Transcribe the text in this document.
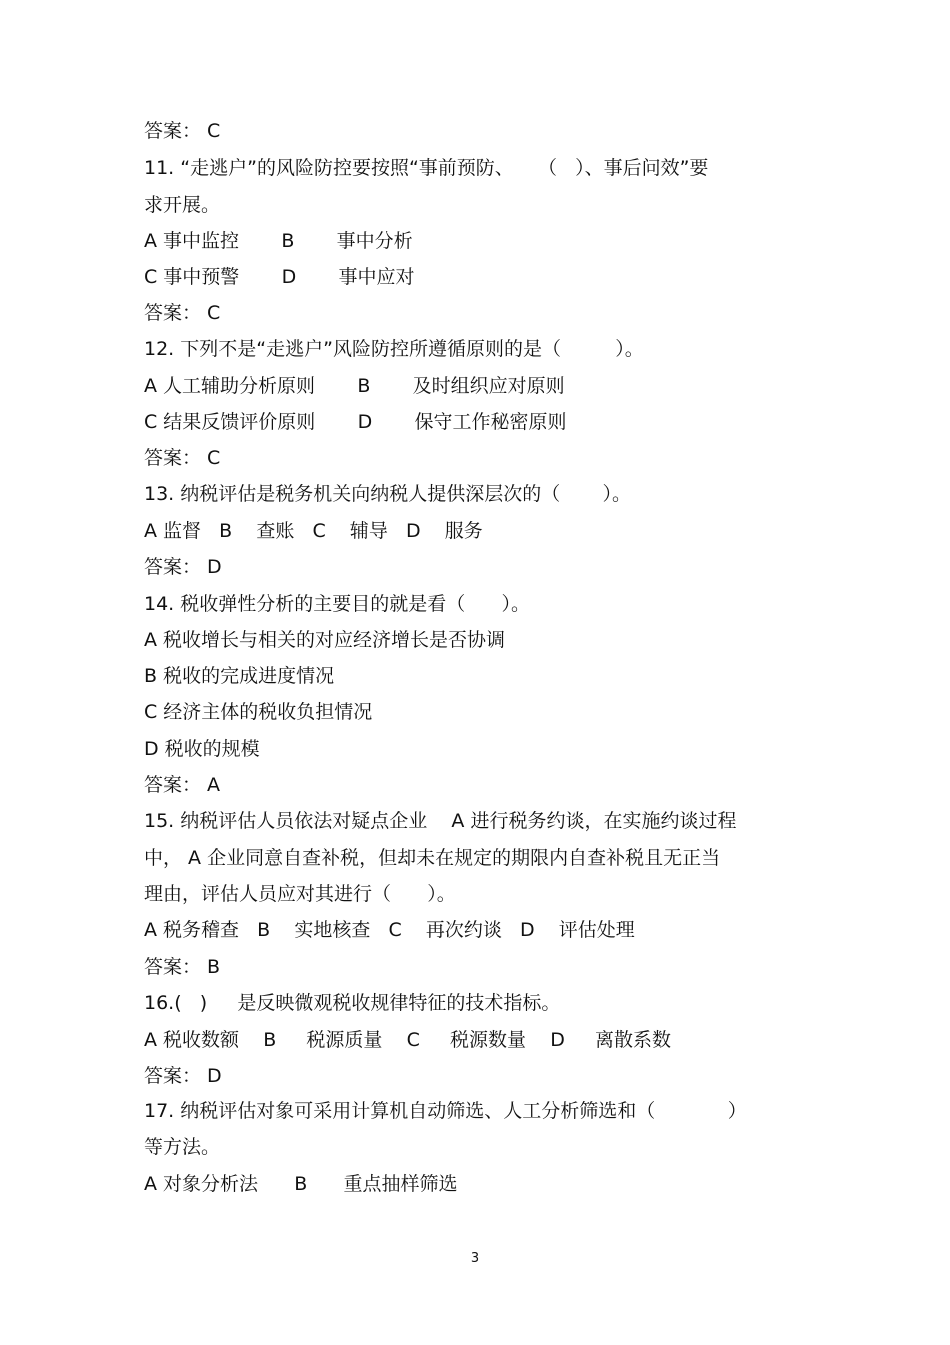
答案： C
11. “走逃户”的风险防控要按照“事前预防、    （   ）、事后问效”要
求开展。
A 事中监控       B       事中分析
C 事中预警       D       事中应对
答案： C
12. 下列不是“走逃户”风险防控所遵循原则的是（         ）。
A 人工辅助分析原则       B       及时组织应对原则
C 结果反馈评价原则       D       保守工作秘密原则
答案： C
13. 纳税评估是税务机关向纳税人提供深层次的（       ）。
A 监督   B    查账   C    辅导   D    服务
答案： D
14. 税收弹性分析的主要目的就是看（      ）。
A 税收增长与相关的对应经济增长是否协调
B 税收的完成进度情况
C 经济主体的税收负担情况
D 税收的规模
答案： A
15. 纳税评估人员依法对疑点企业    A 进行税务约谈，在实施约谈过程
中， A 企业同意自查补税，但却未在规定的期限内自查补税且无正当
理由，评估人员应对其进行（      ）。
A 税务稽查   B    实地核查   C    再次约谈   D    评估处理
答案： B
16.(   )     是反映微观税收规律特征的技术指标。
A 税收数额    B     税源质量    C     税源数量    D     离散系数
答案： D
17. 纳税评估对象可采用计算机自动筛选、人工分析筛选和（            ）
等方法。
A 对象分析法      B      重点抽样筛选
3
